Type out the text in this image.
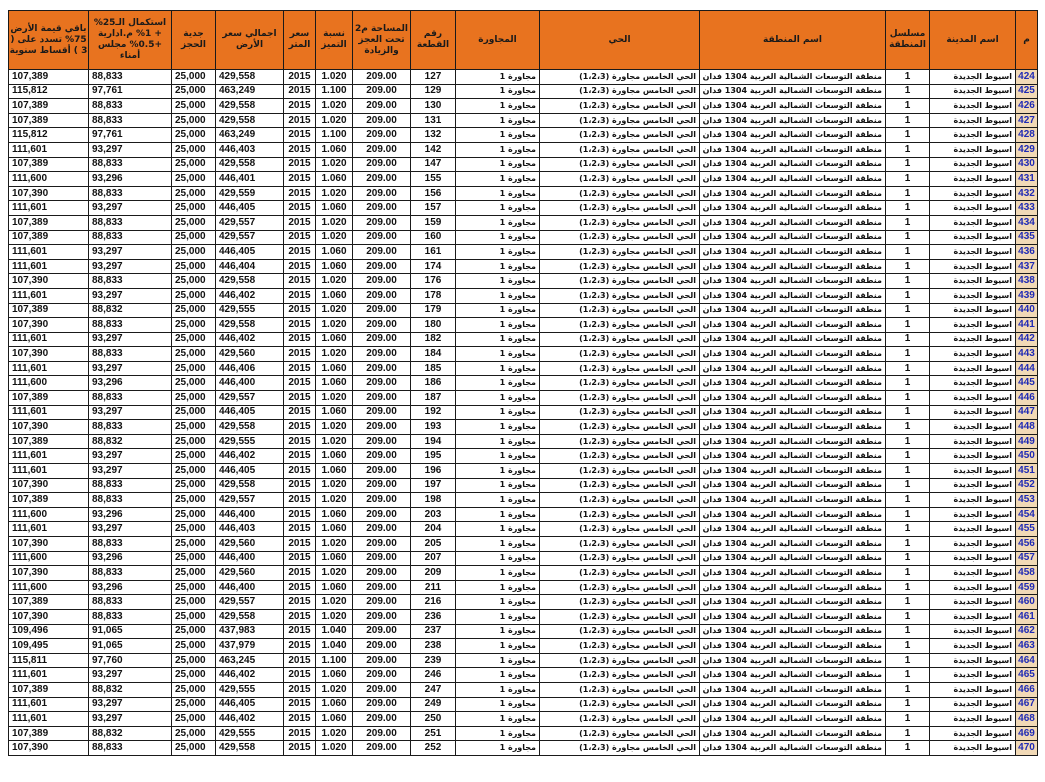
م	اسم المدينة	مسلسل المنطقة	اسم المنطقة	الحي	المجاورة	رقم القطعة	المساحة م2 تحت العجز والزيادة	نسبة التميز	سعر المتر	اجمالي سعر الأرض	جدية الحجز	استكمال الـ25% + 1% م.ادارية +0.5% مجلس أمناء	باقي قيمة الأرض 75% تسدد على ( 3 ) أقساط سنوية
424	اسيوط الجديدة	1	منطقة التوسعات الشمالية الغربية 1304 فدان	الحي الخامس مجاورة (1،2،3)	مجاورة 1	127	209.00	1.020	2015	429,558	25,000	88,833	107,389
425	اسيوط الجديدة	1	منطقة التوسعات الشمالية الغربية 1304 فدان	الحي الخامس مجاورة (1،2،3)	مجاورة 1	129	209.00	1.100	2015	463,249	25,000	97,761	115,812
426	اسيوط الجديدة	1	منطقة التوسعات الشمالية الغربية 1304 فدان	الحي الخامس مجاورة (1،2،3)	مجاورة 1	130	209.00	1.020	2015	429,558	25,000	88,833	107,389
427	اسيوط الجديدة	1	منطقة التوسعات الشمالية الغربية 1304 فدان	الحي الخامس مجاورة (1،2،3)	مجاورة 1	131	209.00	1.020	2015	429,558	25,000	88,833	107,389
428	اسيوط الجديدة	1	منطقة التوسعات الشمالية الغربية 1304 فدان	الحي الخامس مجاورة (1،2،3)	مجاورة 1	132	209.00	1.100	2015	463,249	25,000	97,761	115,812
429	اسيوط الجديدة	1	منطقة التوسعات الشمالية الغربية 1304 فدان	الحي الخامس مجاورة (1،2،3)	مجاورة 1	142	209.00	1.060	2015	446,403	25,000	93,297	111,601
430	اسيوط الجديدة	1	منطقة التوسعات الشمالية الغربية 1304 فدان	الحي الخامس مجاورة (1،2،3)	مجاورة 1	147	209.00	1.020	2015	429,558	25,000	88,833	107,389
431	اسيوط الجديدة	1	منطقة التوسعات الشمالية الغربية 1304 فدان	الحي الخامس مجاورة (1،2،3)	مجاورة 1	155	209.00	1.060	2015	446,401	25,000	93,296	111,600
432	اسيوط الجديدة	1	منطقة التوسعات الشمالية الغربية 1304 فدان	الحي الخامس مجاورة (1،2،3)	مجاورة 1	156	209.00	1.020	2015	429,559	25,000	88,833	107,390
433	اسيوط الجديدة	1	منطقة التوسعات الشمالية الغربية 1304 فدان	الحي الخامس مجاورة (1،2،3)	مجاورة 1	157	209.00	1.060	2015	446,405	25,000	93,297	111,601
434	اسيوط الجديدة	1	منطقة التوسعات الشمالية الغربية 1304 فدان	الحي الخامس مجاورة (1،2،3)	مجاورة 1	159	209.00	1.020	2015	429,557	25,000	88,833	107,389
435	اسيوط الجديدة	1	منطقة التوسعات الشمالية الغربية 1304 فدان	الحي الخامس مجاورة (1،2،3)	مجاورة 1	160	209.00	1.020	2015	429,557	25,000	88,833	107,389
436	اسيوط الجديدة	1	منطقة التوسعات الشمالية الغربية 1304 فدان	الحي الخامس مجاورة (1،2،3)	مجاورة 1	161	209.00	1.060	2015	446,405	25,000	93,297	111,601
437	اسيوط الجديدة	1	منطقة التوسعات الشمالية الغربية 1304 فدان	الحي الخامس مجاورة (1،2،3)	مجاورة 1	174	209.00	1.060	2015	446,404	25,000	93,297	111,601
438	اسيوط الجديدة	1	منطقة التوسعات الشمالية الغربية 1304 فدان	الحي الخامس مجاورة (1،2،3)	مجاورة 1	176	209.00	1.020	2015	429,558	25,000	88,833	107,390
439	اسيوط الجديدة	1	منطقة التوسعات الشمالية الغربية 1304 فدان	الحي الخامس مجاورة (1،2،3)	مجاورة 1	178	209.00	1.060	2015	446,402	25,000	93,297	111,601
440	اسيوط الجديدة	1	منطقة التوسعات الشمالية الغربية 1304 فدان	الحي الخامس مجاورة (1،2،3)	مجاورة 1	179	209.00	1.020	2015	429,555	25,000	88,832	107,389
441	اسيوط الجديدة	1	منطقة التوسعات الشمالية الغربية 1304 فدان	الحي الخامس مجاورة (1،2،3)	مجاورة 1	180	209.00	1.020	2015	429,558	25,000	88,833	107,390
442	اسيوط الجديدة	1	منطقة التوسعات الشمالية الغربية 1304 فدان	الحي الخامس مجاورة (1،2،3)	مجاورة 1	182	209.00	1.060	2015	446,402	25,000	93,297	111,601
443	اسيوط الجديدة	1	منطقة التوسعات الشمالية الغربية 1304 فدان	الحي الخامس مجاورة (1،2،3)	مجاورة 1	184	209.00	1.020	2015	429,560	25,000	88,833	107,390
444	اسيوط الجديدة	1	منطقة التوسعات الشمالية الغربية 1304 فدان	الحي الخامس مجاورة (1،2،3)	مجاورة 1	185	209.00	1.060	2015	446,406	25,000	93,297	111,601
445	اسيوط الجديدة	1	منطقة التوسعات الشمالية الغربية 1304 فدان	الحي الخامس مجاورة (1،2،3)	مجاورة 1	186	209.00	1.060	2015	446,400	25,000	93,296	111,600
446	اسيوط الجديدة	1	منطقة التوسعات الشمالية الغربية 1304 فدان	الحي الخامس مجاورة (1،2،3)	مجاورة 1	187	209.00	1.020	2015	429,557	25,000	88,833	107,389
447	اسيوط الجديدة	1	منطقة التوسعات الشمالية الغربية 1304 فدان	الحي الخامس مجاورة (1،2،3)	مجاورة 1	192	209.00	1.060	2015	446,405	25,000	93,297	111,601
448	اسيوط الجديدة	1	منطقة التوسعات الشمالية الغربية 1304 فدان	الحي الخامس مجاورة (1،2،3)	مجاورة 1	193	209.00	1.020	2015	429,558	25,000	88,833	107,390
449	اسيوط الجديدة	1	منطقة التوسعات الشمالية الغربية 1304 فدان	الحي الخامس مجاورة (1،2،3)	مجاورة 1	194	209.00	1.020	2015	429,555	25,000	88,832	107,389
450	اسيوط الجديدة	1	منطقة التوسعات الشمالية الغربية 1304 فدان	الحي الخامس مجاورة (1،2،3)	مجاورة 1	195	209.00	1.060	2015	446,402	25,000	93,297	111,601
451	اسيوط الجديدة	1	منطقة التوسعات الشمالية الغربية 1304 فدان	الحي الخامس مجاورة (1،2،3)	مجاورة 1	196	209.00	1.060	2015	446,405	25,000	93,297	111,601
452	اسيوط الجديدة	1	منطقة التوسعات الشمالية الغربية 1304 فدان	الحي الخامس مجاورة (1،2،3)	مجاورة 1	197	209.00	1.020	2015	429,558	25,000	88,833	107,390
453	اسيوط الجديدة	1	منطقة التوسعات الشمالية الغربية 1304 فدان	الحي الخامس مجاورة (1،2،3)	مجاورة 1	198	209.00	1.020	2015	429,557	25,000	88,833	107,389
454	اسيوط الجديدة	1	منطقة التوسعات الشمالية الغربية 1304 فدان	الحي الخامس مجاورة (1،2،3)	مجاورة 1	203	209.00	1.060	2015	446,400	25,000	93,296	111,600
455	اسيوط الجديدة	1	منطقة التوسعات الشمالية الغربية 1304 فدان	الحي الخامس مجاورة (1،2،3)	مجاورة 1	204	209.00	1.060	2015	446,403	25,000	93,297	111,601
456	اسيوط الجديدة	1	منطقة التوسعات الشمالية الغربية 1304 فدان	الحي الخامس مجاورة (1،2،3)	مجاورة 1	205	209.00	1.020	2015	429,560	25,000	88,833	107,390
457	اسيوط الجديدة	1	منطقة التوسعات الشمالية الغربية 1304 فدان	الحي الخامس مجاورة (1،2،3)	مجاورة 1	207	209.00	1.060	2015	446,400	25,000	93,296	111,600
458	اسيوط الجديدة	1	منطقة التوسعات الشمالية الغربية 1304 فدان	الحي الخامس مجاورة (1،2،3)	مجاورة 1	209	209.00	1.020	2015	429,560	25,000	88,833	107,390
459	اسيوط الجديدة	1	منطقة التوسعات الشمالية الغربية 1304 فدان	الحي الخامس مجاورة (1،2،3)	مجاورة 1	211	209.00	1.060	2015	446,400	25,000	93,296	111,600
460	اسيوط الجديدة	1	منطقة التوسعات الشمالية الغربية 1304 فدان	الحي الخامس مجاورة (1،2،3)	مجاورة 1	216	209.00	1.020	2015	429,557	25,000	88,833	107,389
461	اسيوط الجديدة	1	منطقة التوسعات الشمالية الغربية 1304 فدان	الحي الخامس مجاورة (1،2،3)	مجاورة 1	236	209.00	1.020	2015	429,558	25,000	88,833	107,390
462	اسيوط الجديدة	1	منطقة التوسعات الشمالية الغربية 1304 فدان	الحي الخامس مجاورة (1،2،3)	مجاورة 1	237	209.00	1.040	2015	437,983	25,000	91,065	109,496
463	اسيوط الجديدة	1	منطقة التوسعات الشمالية الغربية 1304 فدان	الحي الخامس مجاورة (1،2،3)	مجاورة 1	238	209.00	1.040	2015	437,979	25,000	91,065	109,495
464	اسيوط الجديدة	1	منطقة التوسعات الشمالية الغربية 1304 فدان	الحي الخامس مجاورة (1،2،3)	مجاورة 1	239	209.00	1.100	2015	463,245	25,000	97,760	115,811
465	اسيوط الجديدة	1	منطقة التوسعات الشمالية الغربية 1304 فدان	الحي الخامس مجاورة (1،2،3)	مجاورة 1	246	209.00	1.060	2015	446,402	25,000	93,297	111,601
466	اسيوط الجديدة	1	منطقة التوسعات الشمالية الغربية 1304 فدان	الحي الخامس مجاورة (1،2،3)	مجاورة 1	247	209.00	1.020	2015	429,555	25,000	88,832	107,389
467	اسيوط الجديدة	1	منطقة التوسعات الشمالية الغربية 1304 فدان	الحي الخامس مجاورة (1،2،3)	مجاورة 1	249	209.00	1.060	2015	446,405	25,000	93,297	111,601
468	اسيوط الجديدة	1	منطقة التوسعات الشمالية الغربية 1304 فدان	الحي الخامس مجاورة (1،2،3)	مجاورة 1	250	209.00	1.060	2015	446,402	25,000	93,297	111,601
469	اسيوط الجديدة	1	منطقة التوسعات الشمالية الغربية 1304 فدان	الحي الخامس مجاورة (1،2،3)	مجاورة 1	251	209.00	1.020	2015	429,555	25,000	88,832	107,389
470	اسيوط الجديدة	1	منطقة التوسعات الشمالية الغربية 1304 فدان	الحي الخامس مجاورة (1،2،3)	مجاورة 1	252	209.00	1.020	2015	429,558	25,000	88,833	107,390
